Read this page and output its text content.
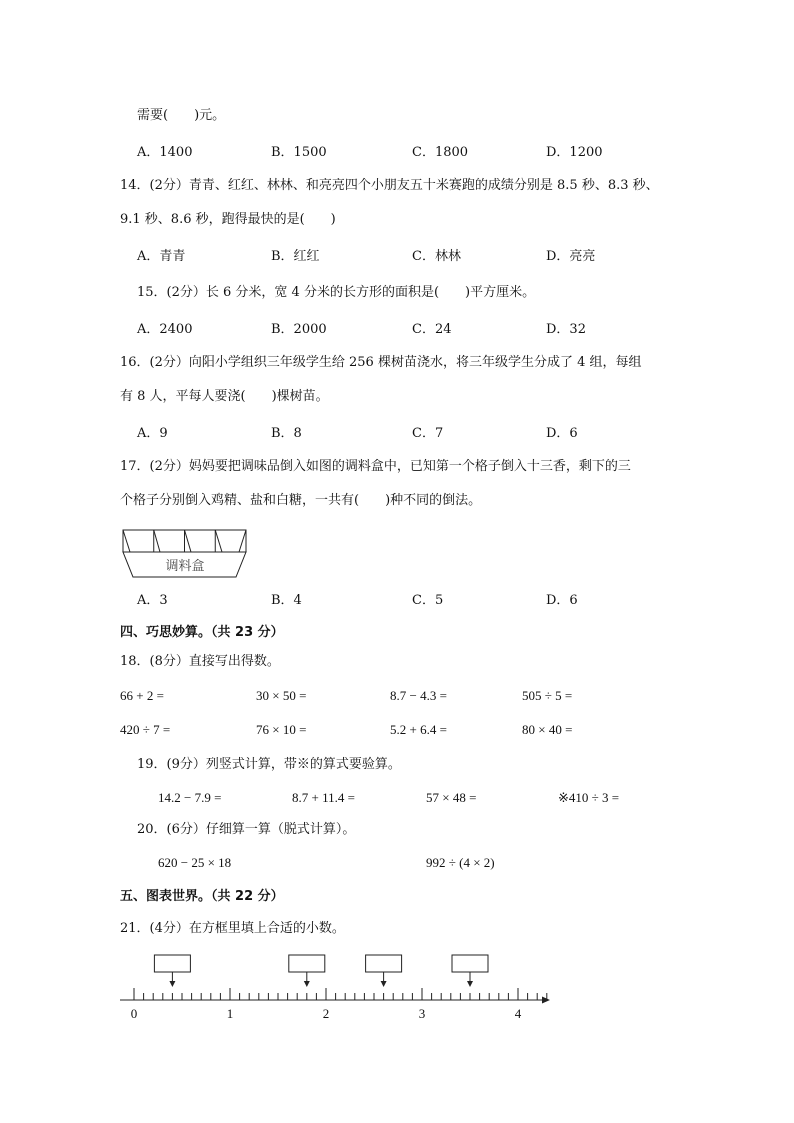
需要(　　)元。
A．1400	B．1500	C．1800	D．1200
14．(2分）青青、红红、林林、和亮亮四个小朋友五十米赛跑的成绩分别是 8.5 秒、8.3 秒、
9.1 秒、8.6 秒，跑得最快的是(　　)
A．青青	B．红红	C．林林	D．亮亮
15．(2分）长 6 分米，宽 4 分米的长方形的面积是(　　)平方厘米。
A．2400	B．2000	C．24	D．32
16．(2分）向阳小学组织三年级学生给 256 棵树苗浇水，将三年级学生分成了 4 组，每组
有 8 人，平每人要浇(　　)棵树苗。
A．9	B．8	C．7	D．6
17．(2分）妈妈要把调味品倒入如图的调料盒中，已知第一个格子倒入十三香，剩下的三
个格子分别倒入鸡精、盐和白糖，一共有(　　)种不同的倒法。
调料盒
A．3	B．4	C．5	D．6
四、巧思妙算。（共 23 分）
18．(8分）直接写出得数。
66 + 2 =	30 × 50 =	8.7 − 4.3 =	505 ÷ 5 =
420 ÷ 7 =	76 × 10 =	5.2 + 6.4 =	80 × 40 =
19．(9分）列竖式计算，带※的算式要验算。
14.2 − 7.9 =	8.7 + 11.4 =	57 × 48 =	※410 ÷ 3 =
20．(6分）仔细算一算（脱式计算）。
620 − 25 × 18	992 ÷ (4 × 2)
五、图表世界。（共 22 分）
21．(4分）在方框里填上合适的小数。
0	1	2	3	4
